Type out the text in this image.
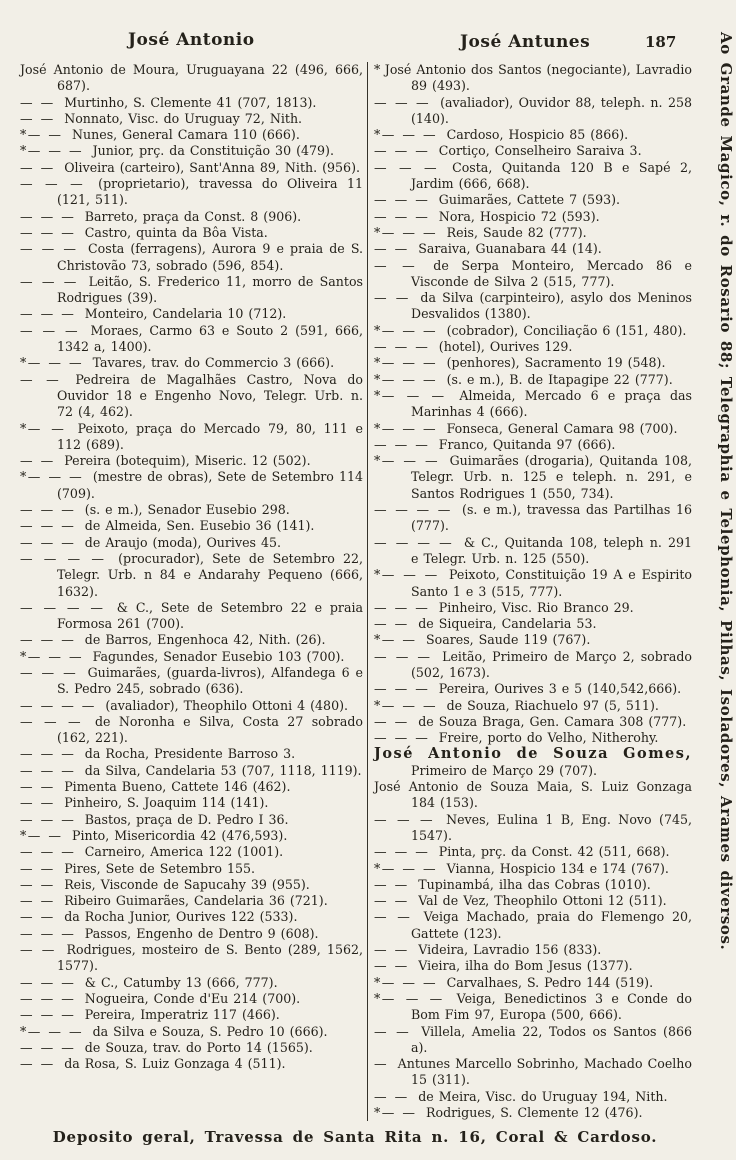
José Antonio	José Antunes	187
José Antonio de Moura, Uruguayana 22 (496, 666, 687).
— — Murtinho, S. Clemente 41 (707, 1813).
— — Nonnato, Visc. do Uruguay 72, Nith.
*— — Nunes, General Camara 110 (666).
*— — — Junior, prç. da Constituição 30 (479).
— — Oliveira (carteiro), Sant'Anna 89, Nith. (956).
— — — (proprietario), travessa do Oliveira 11 (121, 511).
— — — Barreto, praça da Const. 8 (906).
— — — Castro, quinta da Bôa Vista.
— — — Costa (ferragens), Aurora 9 e praia de S. Christovão 73, sobrado (596, 854).
— — — Leitão, S. Frederico 11, morro de Santos Rodrigues (39).
— — — Monteiro, Candelaria 10 (712).
— — — Moraes, Carmo 63 e Souto 2 (591, 666, 1342 a, 1400).
*— — — Tavares, trav. do Commercio 3 (666).
— — Pedreira de Magalhães Castro, Nova do Ouvidor 18 e Engenho Novo, Telegr. Urb. n. 72 (4, 462).
*— — Peixoto, praça do Mercado 79, 80, 111 e 112 (689).
— — Pereira (botequim), Miseric. 12 (502).
*— — — (mestre de obras), Sete de Setembro 114 (709).
— — — (s. e m.), Senador Eusebio 298.
— — — de Almeida, Sen. Eusebio 36 (141).
— — — de Araujo (moda), Ourives 45.
— — — — (procurador), Sete de Setembro 22, Telegr. Urb. n 84 e Andarahy Pequeno (666, 1632).
— — — — & C., Sete de Setembro 22 e praia Formosa 261 (700).
— — — de Barros, Engenhoca 42, Nith. (26).
*— — — Fagundes, Senador Eusebio 103 (700).
— — — Guimarães, (guarda-livros), Alfandega 6 e S. Pedro 245, sobrado (636).
— — — — (avaliador), Theophilo Ottoni 4 (480).
— — — de Noronha e Silva, Costa 27 sobrado (162, 221).
— — — da Rocha, Presidente Barroso 3.
— — — da Silva, Candelaria 53 (707, 1118, 1119).
— — Pimenta Bueno, Cattete 146 (462).
— — Pinheiro, S. Joaquim 114 (141).
— — — Bastos, praça de D. Pedro I 36.
*— — Pinto, Misericordia 42 (476,593).
— — — Carneiro, America 122 (1001).
— — Pires, Sete de Setembro 155.
— — Reis, Visconde de Sapucahy 39 (955).
— — Ribeiro Guimarães, Candelaria 36 (721).
— — da Rocha Junior, Ourives 122 (533).
— — — Passos, Engenho de Dentro 9 (608).
— — Rodrigues, mosteiro de S. Bento (289, 1562, 1577).
— — — & C., Catumby 13 (666, 777).
— — — Nogueira, Conde d'Eu 214 (700).
— — — Pereira, Imperatriz 117 (466).
*— — — da Silva e Souza, S. Pedro 10 (666).
— — — de Souza, trav. do Porto 14 (1565).
— — da Rosa, S. Luiz Gonzaga 4 (511).
* José Antonio dos Santos (negociante), Lavradio 89 (493).
— — — (avaliador), Ouvidor 88, teleph. n. 258 (140).
*— — — Cardoso, Hospicio 85 (866).
— — — Cortiço, Conselheiro Saraiva 3.
— — — Costa, Quitanda 120 B e Sapé 2, Jardim (666, 668).
— — — Guimarães, Cattete 7 (593).
— — — Nora, Hospicio 72 (593).
*— — — Reis, Saude 82 (777).
— — Saraiva, Guanabara 44 (14).
— — de Serpa Monteiro, Mercado 86 e Visconde de Silva 2 (515, 777).
— — da Silva (carpinteiro), asylo dos Meninos Desvalidos (1380).
*— — — (cobrador), Conciliação 6 (151, 480).
— — — (hotel), Ourives 129.
*— — — (penhores), Sacramento 19 (548).
*— — — (s. e m.), B. de Itapagipe 22 (777).
*— — — Almeida, Mercado 6 e praça das Marinhas 4 (666).
*— — — Fonseca, General Camara 98 (700).
— — — Franco, Quitanda 97 (666).
*— — — Guimarães (drogaria), Quitanda 108, Telegr. Urb. n. 125 e teleph. n. 291, e Santos Rodrigues 1 (550, 734).
— — — — (s. e m.), travessa das Partilhas 16 (777).
— — — — & C., Quitanda 108, teleph n. 291 e Telegr. Urb. n. 125 (550).
*— — — Peixoto, Constituição 19 A e Espirito Santo 1 e 3 (515, 777).
— — — Pinheiro, Visc. Rio Branco 29.
— — de Siqueira, Candelaria 53.
*— — Soares, Saude 119 (767).
— — — Leitão, Primeiro de Março 2, sobrado (502, 1673).
— — — Pereira, Ourives 3 e 5 (140,542,666).
*— — — de Souza, Riachuelo 97 (5, 511).
— — de Souza Braga, Gen. Camara 308 (777).
— — — Freire, porto do Velho, Nitherohy.
José Antonio de Souza Gomes, Primeiro de Março 29 (707).
José Antonio de Souza Maia, S. Luiz Gonzaga 184 (153).
— — — Neves, Eulina 1 B, Eng. Novo (745, 1547).
— — — Pinta, prç. da Const. 42 (511, 668).
*— — — Vianna, Hospicio 134 e 174 (767).
— — Tupinambá, ilha das Cobras (1010).
— — Val de Vez, Theophilo Ottoni 12 (511).
— — Veiga Machado, praia do Flemengo 20, Gattete (123).
— — Videira, Lavradio 156 (833).
— — Vieira, ilha do Bom Jesus (1377).
*— — — Carvalhaes, S. Pedro 144 (519).
*— — — Veiga, Benedictinos 3 e Conde do Bom Fim 97, Europa (500, 666).
— — Villela, Amelia 22, Todos os Santos (866 a).
— Antunes Marcello Sobrinho, Machado Coelho 15 (311).
— — de Meira, Visc. do Uruguay 194, Nith.
*— — Rodrigues, S. Clemente 12 (476).
Ao Grande Magico, r. do Rosario 88; Telegraphia e Telephonia, Pilhas, Isoladores, Arames diversos.
Deposito geral, Travessa de Santa Rita n. 16, Coral & Cardoso.
